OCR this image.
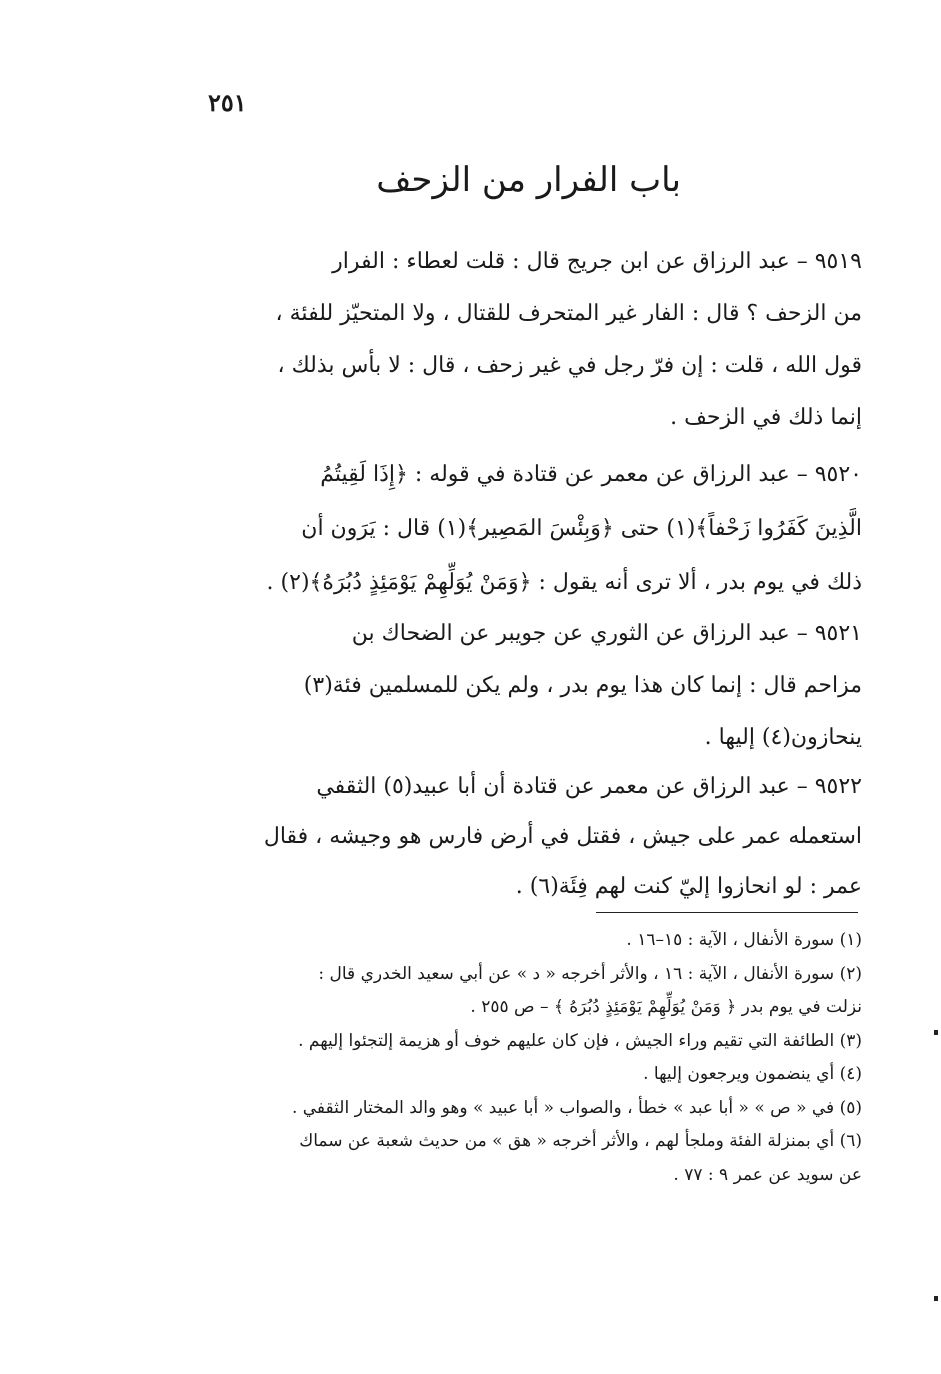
٢٥١
باب الفرار من الزحف
٩٥١٩ – عبد الرزاق عن ابن جريج قال : قلت لعطاء : الفرار
من الزحف ؟ قال : الفار غير المتحرف للقتال ، ولا المتحيّز للفئة ،
قول الله ، قلت : إن فرّ رجل في غير زحف ، قال : لا بأس بذلك ،
إنما ذلك في الزحف .
٩٥٢٠ – عبد الرزاق عن معمر عن قتادة في قوله : ﴿إِذَا لَقِيتُمُ
الَّذِينَ كَفَرُوا زَحْفاً﴾(١) حتى ﴿وَبِئْسَ المَصِير﴾(١) قال : يَرَون أن
ذلك في يوم بدر ، ألا ترى أنه يقول : ﴿وَمَنْ يُوَلِّهِمْ يَوْمَئِذٍ دُبُرَهُ﴾(٢) .
٩٥٢١ – عبد الرزاق عن الثوري عن جويبر عن الضحاك بن
مزاحم قال : إنما كان هذا يوم بدر ، ولم يكن للمسلمين فئة(٣)
ينحازون(٤) إليها .
٩٥٢٢ – عبد الرزاق عن معمر عن قتادة أن أبا عبيد(٥) الثقفي
استعمله عمر على جيش ، فقتل في أرض فارس هو وجيشه ، فقال
عمر : لو انحازوا إليّ كنت لهم فِئَة(٦) .
(١) سورة الأنفال ، الآية : ١٥–١٦ .
(٢) سورة الأنفال ، الآية : ١٦ ، والأثر أخرجه « د » عن أبي سعيد الخدري قال :
نزلت في يوم بدر ﴿ وَمَنْ يُوَلِّهِمْ يَوْمَئِذٍ دُبُرَهُ ﴾ – ص ٢٥٥ .
(٣) الطائفة التي تقيم وراء الجيش ، فإن كان عليهم خوف أو هزيمة إلتجئوا إليهم .
(٤) أي ينضمون ويرجعون إليها .
(٥) في « ص » « أبا عبد » خطأ ، والصواب « أبا عبيد » وهو والد المختار الثقفي .
(٦) أي بمنزلة الفئة وملجأ لهم ، والأثر أخرجه « هق » من حديث شعبة عن سماك
عن سويد عن عمر ٩ : ٧٧ .
